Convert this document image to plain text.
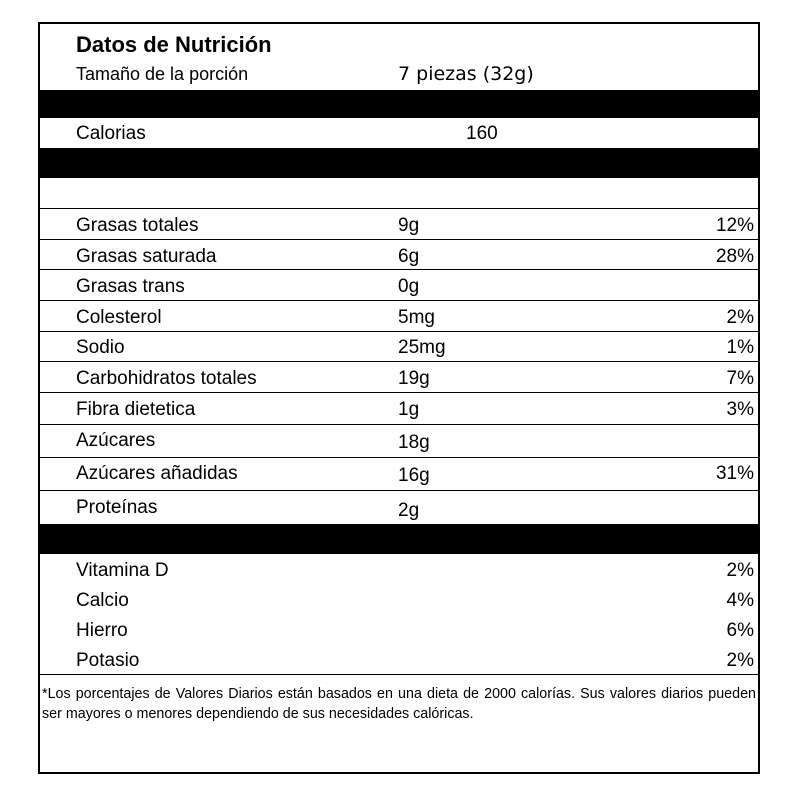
Datos de Nutrición
Tamaño de la porción	7 piezas (32g)
Calorias	160
Grasas totales	9g	12%
Grasas saturada	6g	28%
Grasas trans	0g
Colesterol	5mg	2%
Sodio	25mg	1%
Carbohidratos totales	19g	7%
Fibra dietetica	1g	3%
Azúcares	18g
Azúcares añadidas	16g	31%
Proteínas	2g
Vitamina D	2%
Calcio	4%
Hierro	6%
Potasio	2%
*Los porcentajes de Valores Diarios están basados en una dieta de 2000 calorías. Sus valores diarios pueden ser mayores o menores dependiendo de sus necesidades calóricas.
